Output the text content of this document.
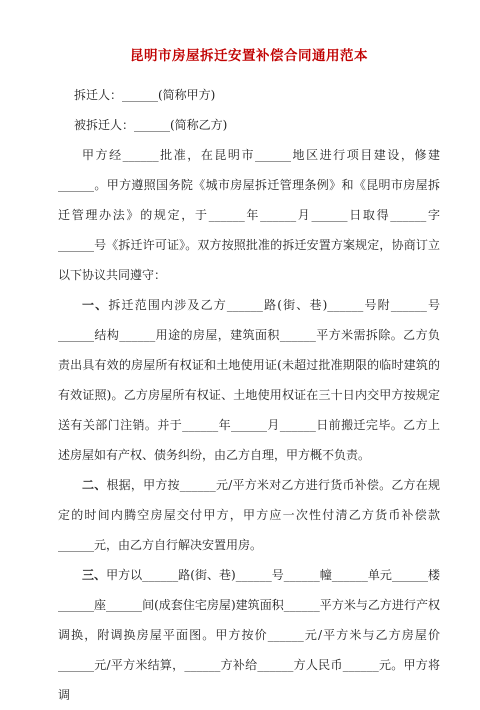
昆明市房屋拆迁安置补偿合同通用范本
拆迁人：______(简称甲方)
被拆迁人：______(简称乙方)

甲方经______批准，在昆明市______地区进行项目建设，修建______。甲方遵照国务院《城市房屋拆迁管理条例》和《昆明市房屋拆迁管理办法》的规定，于______年______月______日取得______字______号《拆迁许可证》。双方按照批准的拆迁安置方案规定，协商订立以下协议共同遵守：

一、拆迁范围内涉及乙方______路(街、巷)______号附______号______结构______用途的房屋，建筑面积______平方米需拆除。乙方负责出具有效的房屋所有权证和土地使用证(未超过批准期限的临时建筑的有效证照)。乙方房屋所有权证、土地使用权证在三十日内交甲方按规定送有关部门注销。并于______年______月______日前搬迁完毕。乙方上述房屋如有产权、债务纠纷，由乙方自理，甲方概不负责。

二、根据，甲方按______元/平方米对乙方进行货币补偿。乙方在规定的时间内腾空房屋交付甲方，甲方应一次性付清乙方货币补偿款______元，由乙方自行解决安置用房。

三、甲方以______路(街、巷)______号______幢______单元______楼______座______间(成套住宅房屋)建筑面积______平方米与乙方进行产权调换，附调换房屋平面图。甲方按价______元/平方米与乙方房屋价______元/平方米结算，______方补给______方人民币______元。甲方将调
